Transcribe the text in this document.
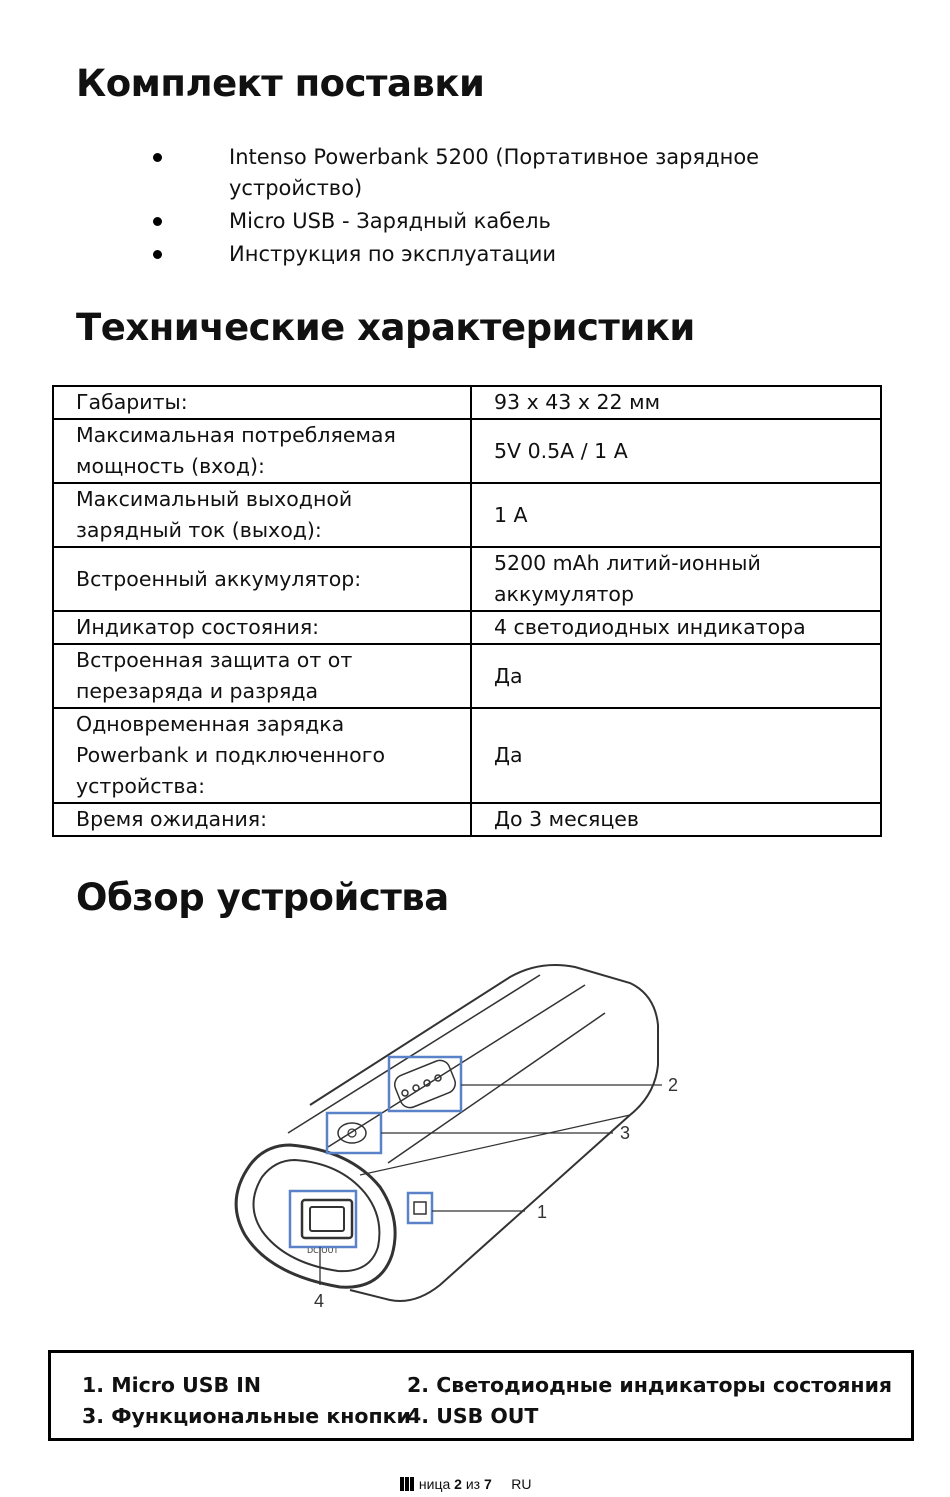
Комплект поставки
Intenso Powerbank 5200 (Портативное зарядное устройство)
Micro USB - Зарядный кабель
Инструкция по эксплуатации
Технические характеристики
Габариты:	93 x 43 x 22 мм
Максимальная потребляемая мощность (вход):	5V 0.5A / 1 A
Максимальный выходной зарядный ток (выход):	1 A
Встроенный аккумулятор:	5200 mAh литий-ионный аккумулятор
Индикатор состояния:	4 светодиодных индикатора
Встроенная защита от от перезаряда и разряда	Да
Одновременная зарядка Powerbank и подключенного устройства:	Да
Время ожидания:	До 3 месяцев
Обзор устройства
DC OUT
1
2
3
4
1. Micro USB IN	2. Светодиодные индикаторы состояния
3. Функциональные кнопки
4. USB OUT
ница 2 из 7 RU
